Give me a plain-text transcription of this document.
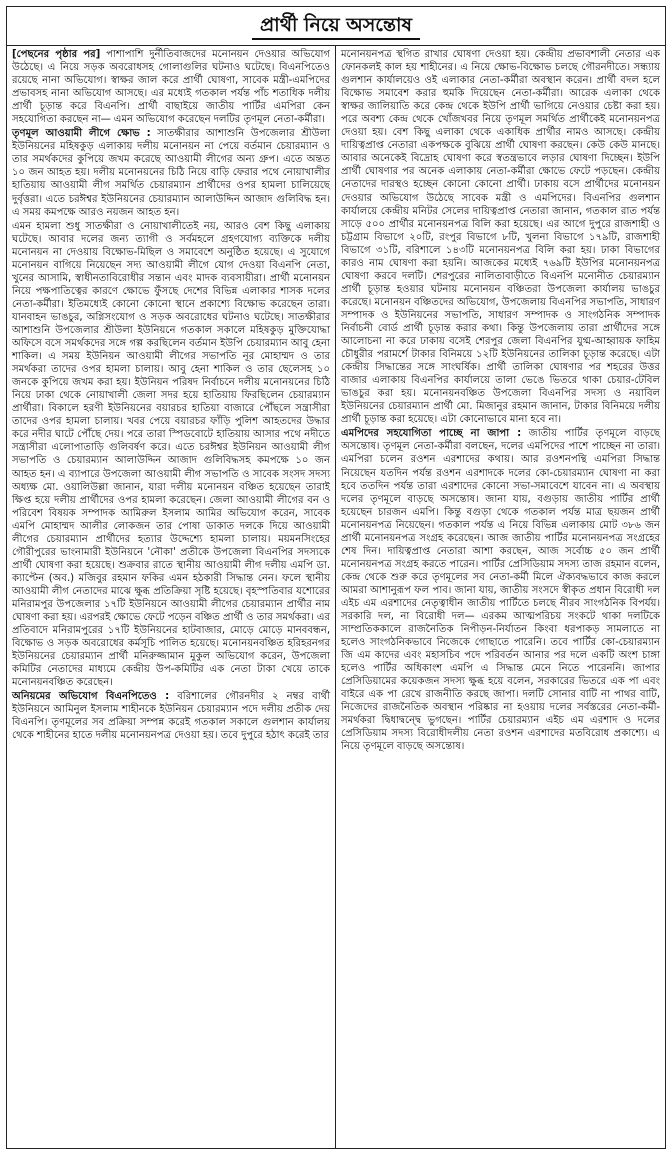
প্রার্থী নিয়ে অসন্তোষ

[পেছনের পৃষ্ঠার পর] পাশাপাশি দুর্নীতিবাজদের মনোনয়ন দেওয়ার অভিযোগ উঠেছে। এ নিয়ে সড়ক অবরোধসহ গোলাগুলির ঘটনাও ঘটেছে। বিএনপিতেও রয়েছে নানা অভিযোগ। স্বাক্ষর জাল করে প্রার্থী ঘোষণা, সাবেক মন্ত্রী-এমপিদের প্রভাবসহ নানা অভিযোগ আসছে। এর মধ্যেই গতকাল পর্যন্ত পাঁচ শতাধিক দলীয় প্রার্থী চূড়ান্ত করে বিএনপি। প্রার্থী বাছাইয়ে জাতীয় পার্টির এমপিরা কেন সহযোগিতা করছেন না— এমন অভিযোগ করেছেন দলটির তৃণমূল নেতা-কর্মীরা।

তৃণমূল আওয়ামী লীগে ক্ষোভ : সাতক্ষীরার আশাশুনি উপজেলার শ্রীউলা ইউনিয়নের মহিষকুড় এলাকায় দলীয় মনোনয়ন না পেয়ে বর্তমান চেয়ারম্যান ও তার সমর্থকদের কুপিয়ে জখম করেছে আওয়ামী লীগের অন্য গ্রুপ। এতে অন্তত ১০ জন আহত হয়। দলীয় মনোনয়নের চিঠি নিয়ে বাড়ি ফেরার পথে নোয়াখালীর হাতিয়ায় আওয়ামী লীগ সমর্থিত চেয়ারম্যান প্রার্থীদের ওপর হামলা চালিয়েছে দুর্বৃত্তরা। এতে চরঈশ্বর ইউনিয়নের চেয়ারম্যান আলাউদ্দিন আজাদ গুলিবিদ্ধ হন। এ সময় কমপক্ষে আরও নয়জন আহত হন।

এমন হামলা শুধু সাতক্ষীরা ও নোয়াখালীতেই নয়, আরও বেশ কিছু এলাকায় ঘটেছে। আবার দলের জন্য ত্যাগী ও সর্বমহলে গ্রহণযোগ্য ব্যক্তিকে দলীয় মনোনয়ন না দেওয়ায় বিক্ষোভ-মিছিল ও সমাবেশে অনুষ্ঠিত হয়েছে। এ সুযোগে মনোনয়ন বাগিয়ে নিয়েছেন সদ্য আওয়ামী লীগে যোগ দেওয়া বিএনপি নেতা, খুনের আসামি, স্বাধীনতাবিরোধীর সন্তান এবং মাদক ব্যবসায়ীরা। প্রার্থী মনোনয়ন নিয়ে পক্ষপাতিত্বের কারণে ক্ষোভে ফুঁসছে দেশের বিভিন্ন এলাকার শাসক দলের নেতা-কর্মীরা। ইতিমধ্যেই কোনো কোনো স্থানে প্রকাশ্যে বিক্ষোভ করেছেন তারা। যানবাহন ভাঙচুর, অগ্নিসংযোগ ও সড়ক অবরোধের ঘটনাও ঘটেছে। সাতক্ষীরার আশাশুনি উপজেলার শ্রীউলা ইউনিয়নে গতকাল সকালে মহিষকুড় মুক্তিযোদ্ধা অফিসে বসে সমর্থকদের সঙ্গে গল্প করছিলেন বর্তমান ইউপি চেয়ারম্যান আবু হেনা শাকিল। এ সময় ইউনিয়ন আওয়ামী লীগের সভাপতি নূর মোহাম্মদ ও তার সমর্থকরা তাদের ওপর হামলা চালায়। আবু হেনা শাকিল ও তার ছেলেসহ ১০ জনকে কুপিয়ে জখম করা হয়। ইউনিয়ন পরিষদ নির্বাচনে দলীয় মনোনয়নের চিঠি নিয়ে ঢাকা থেকে নোয়াখালী জেলা সদর হয়ে হাতিয়ায় ফিরছিলেন চেয়ারম্যান প্রার্থীরা। বিকালে হরণী ইউনিয়নের বয়ারচর হাতিয়া বাজারে পৌঁছলে সন্ত্রাসীরা তাদের ওপর হামলা চালায়। খবর পেয়ে বয়ারচর ফাঁড়ি পুলিশ আহতদের উদ্ধার করে নদীর ঘাটে পৌঁছে দেয়। পরে তারা স্পিডবোটে হাতিয়ায় আসার পথে নদীতে সন্ত্রাসীরা এলোপাতাড়ি গুলিবর্ষণ করে। এতে চরঈশ্বর ইউনিয়ন আওয়ামী লীগ সভাপতি ও চেয়ারম্যান আলাউদ্দিন আজাদ গুলিবিদ্ধসহ কমপক্ষে ১০ জন আহত হন। এ ব্যাপারে উপজেলা আওয়ামী লীগ সভাপতি ও সাবেক সংসদ সদস্য অধ্যক্ষ মো. ওয়ালিউল্লা জানান, যারা দলীয় মনোনয়ন বঞ্চিত হয়েছেন তারাই ক্ষিপ্ত হয়ে দলীয় প্রার্থীদের ওপর হামলা করেছেন। জেলা আওয়ামী লীগের বন ও পরিবেশ বিষয়ক সম্পাদক আমিরুল ইসলাম আমির অভিযোগ করেন, সাবেক এমপি মোহাম্মদ আলীর লোকজন তার পোষা ডাকাত দলকে দিয়ে আওয়ামী লীগের চেয়ারম্যান প্রার্থীদের হত্যার উদ্দেশ্যে হামলা চালায়। ময়মনসিংহের গৌরীপুরের ভাংনামারী ইউনিয়নে 'নৌকা' প্রতীকে উপজেলা বিএনপির সদস্যকে প্রার্থী ঘোষণা করা হয়েছে। শুক্রবার রাতে স্থানীয় আওয়ামী লীগ দলীয় এমপি ডা. ক্যাপ্টেন (অব.) মজিবুর রহমান ফকির এমন হঠকারী সিদ্ধান্ত নেন। ফলে স্থানীয় আওয়ামী লীগ নেতাদের মাঝে ক্ষুব্ধ প্রতিক্রিয়া সৃষ্টি হয়েছে। বৃহস্পতিবার যশোরের মনিরামপুর উপজেলার ১৭টি ইউনিয়নে আওয়ামী লীগের চেয়ারম্যান প্রার্থীর নাম ঘোষণা করা হয়। এরপরই ক্ষোভে ফেটে পড়েন বঞ্চিত প্রার্থী ও তার সমর্থকরা। এর প্রতিবাদে মনিরামপুরের ১৭টি ইউনিয়নের হাটবাজার, মোড়ে মোড়ে মানববন্ধন, বিক্ষোভ ও সড়ক অবরোধের কর্মসূচি পালিত হয়েছে। মনোনয়নবঞ্চিত হরিহরনগর ইউনিয়নের চেয়ারম্যান প্রার্থী মনিরুজ্জামান মুকুল অভিযোগ করেন, উপজেলা কমিটির নেতাদের মাধ্যমে কেন্দ্রীয় উপ-কমিটির এক নেতা টাকা খেয়ে তাকে মনোনয়নবঞ্চিত করেছেন।

অনিয়মের অভিযোগ বিএনপিতেও : বরিশালের গৌরনদীর ২ নম্বর বার্থী ইউনিয়নে আমিনুল ইসলাম শাহীনকে ইউনিয়ন চেয়ারম্যান পদে দলীয় প্রতীক দেয় বিএনপি। তৃণমূলের সব প্রক্রিয়া সম্পন্ন করেই গতকাল সকালে গুলশান কার্যালয় থেকে শাহীনের হাতে দলীয় মনোনয়নপত্র দেওয়া হয়। তবে দুপুরে হঠাৎ করেই তার

মনোনয়নপত্র স্থগিত রাখার ঘোষণা দেওয়া হয়। কেন্দ্রীয় প্রভাবশালী নেতার এক ফোনকলই কাল হয় শাহীনের। এ নিয়ে ক্ষোভ-বিক্ষোভ চলছে গৌরনদীতে। সন্ধ্যায় গুলশান কার্যালয়েও ওই এলাকার নেতা-কর্মীরা অবস্থান করেন। প্রার্থী বদল হলে বিক্ষোভ সমাবেশ করার হুমকি দিয়েছেন নেতা-কর্মীরা। আরেক এলাকা থেকে স্বাক্ষর জালিয়াতি করে কেন্দ্র থেকে ইউপি প্রার্থী ভাগিয়ে নেওয়ার চেষ্টা করা হয়। পরে অবশ্য কেন্দ্র থেকে খোঁজখবর নিয়ে তৃণমূল সমর্থিত প্রার্থীকেই মনোনয়নপত্র দেওয়া হয়। বেশ কিছু এলাকা থেকে একাধিক প্রার্থীর নামও আসছে। কেন্দ্রীয় দায়িত্বপ্রাপ্ত নেতারা একপক্ষকে বুঝিয়ে প্রার্থী ঘোষণা করছেন। কেউ কেউ মানছে। আবার অনেকেই বিদ্রোহ ঘোষণা করে স্বতন্ত্রভাবে লড়ার ঘোষণা দিচ্ছেন। ইউপি প্রার্থী ঘোষণার পর অনেক এলাকায় নেতা-কর্মীরা ক্ষোভে ফেটে পড়ছেন। কেন্দ্রীয় নেতাদের দারস্থও হচ্ছেন কোনো কোনো প্রার্থী। ঢাকায় বসে প্রার্থীদের মনোনয়ন দেওয়ার অভিযোগ উঠেছে সাবেক মন্ত্রী ও এমপিদের। বিএনপির গুলশান কার্যালয়ে কেন্দ্রীয় মনিটর সেলের দায়িত্বপ্রাপ্ত নেতারা জানান, গতকাল রাত পর্যন্ত সাড়ে ৫০০ প্রার্থীর মনোনয়নপত্র বিলি করা হয়েছে। এর আগে দুপুরে রাজশাহী ও চট্টগ্রাম বিভাগে ২০টি, রংপুর বিভাগে ৮টি, খুলনা বিভাগে ১৭৯টি, রাজশাহী বিভাগে ৩১টি, বরিশালে ১৪৩টি মনোনয়নপত্র বিলি করা হয়। ঢাকা বিভাগের কারও নাম ঘোষণা করা হয়নি। আজকের মধ্যেই ৭৬৯টি ইউপির মনোনয়নপত্র ঘোষণা করবে দলটি। শেরপুরের নালিতাবাড়ীতে বিএনপি মনোনীত চেয়ারম্যান প্রার্থী চূড়ান্ত হওয়ার ঘটনায় মনোনয়ন বঞ্চিতরা উপজেলা কার্যালয় ভাঙচুর করেছে। মনোনয়ন বঞ্চিতদের অভিযোগ, উপজেলায় বিএনপির সভাপতি, সাধারণ সম্পাদক ও ইউনিয়নের সভাপতি, সাধারণ সম্পাদক ও সাংগঠনিক সম্পাদক নির্বাচনী বোর্ড প্রার্থী চূড়ান্ত করার কথা। কিন্তু উপজেলায় তারা প্রার্থীদের সঙ্গে আলোচনা না করে ঢাকায় বসেই শেরপুর জেলা বিএনপির যুগ্ম-আহ্বায়ক ফাহিম চৌধুরীর পরামর্শে টাকার বিনিময়ে ১২টি ইউনিয়নের তালিকা চূড়ান্ত করেছে। এটা কেন্দ্রীয় সিদ্ধান্তের সঙ্গে সাংঘর্ষিক। প্রার্থী তালিকা ঘোষণার পর শহরের উত্তর বাজার এলাকায় বিএনপির কার্যালয়ে তালা ভেঙে ভিতরে থাকা চেয়ার-টেবিল ভাঙচুর করা হয়। মনোনয়নবঞ্চিত উপজেলা বিএনপির সদস্য ও নয়াবিল ইউনিয়নের চেয়ারম্যান প্রার্থী মো. মিজানুর রহমান জানান, টাকার বিনিময়ে দলীয় প্রার্থী চূড়ান্ত করা হয়েছে। এটা কোনোভাবে মানা হবে না।

এমপিদের সহযোগিতা পাচ্ছে না জাপা : জাতীয় পার্টির তৃণমূলে বাড়ছে অসন্তোষ। তৃণমূল নেতা-কর্মীরা বলছেন, দলের এমপিদের পাশে পাচ্ছেন না তারা। এমপিরা চলেন রওশন এরশাদের কথায়। আর রওশনপন্থি এমপিরা সিদ্ধান্ত নিয়েছেন যতদিন পর্যন্ত রওশন এরশাদকে দলের কো-চেয়ারম্যান ঘোষণা না করা হবে ততদিন পর্যন্ত তারা এরশাদের কোনো সভা-সমাবেশে যাবেন না। এ অবস্থায় দলের তৃণমূলে বাড়ছে অসন্তোষ। জানা যায়, বগুড়ায় জাতীয় পার্টির প্রার্থী হয়েছেন চারজন এমপি। কিন্তু বগুড়া থেকে গতকাল পর্যন্ত মাত্র ছয়জন প্রার্থী মনোনয়নপত্র নিয়েছেন। গতকাল পর্যন্ত এ নিয়ে বিভিন্ন এলাকায় মোট ৩৮৬ জন প্রার্থী মনোনয়নপত্র সংগ্রহ করেছেন। আজ জাতীয় পার্টির মনোনয়নপত্র সংগ্রহের শেষ দিন। দায়িত্বপ্রাপ্ত নেতারা আশা করছেন, আজ সর্বোচ্চ ৫০ জন প্রার্থী মনোনয়নপত্র সংগ্রহ করতে পারেন। পার্টির প্রেসিডিয়াম সদস্য তাজ রহমান বলেন, কেন্দ্র থেকে শুরু করে তৃণমূলের সব নেতা-কর্মী মিলে ঐক্যবদ্ধভাবে কাজ করলে আমরা আশানুরূপ ফল পাব। জানা যায়, জাতীয় সংসদে স্বীকৃত প্রধান বিরোধী দল এইচ এম এরশাদের নেতৃত্বাধীন জাতীয় পার্টিতে চলছে নীরব সাংগঠনিক বিপর্যয়। সরকারি দল, না বিরোধী দল— এরকম আত্মপরিচয় সংকটে থাকা দলটিকে সাম্প্রতিককালে রাজনৈতিক নিপীড়ন-নির্যাতন কিংবা ধরপাকড় সামলাতে না হলেও সাংগঠনিকভাবে নিজেকে গোছাতে পারেনি। তবে পার্টির কো-চেয়ারম্যান জি এম কাদের এবং মহাসচিব পদে পরিবর্তন আনার পর দলে একটি অংশ চাঙ্গা হলেও পার্টির অধিকাংশ এমপি এ সিদ্ধান্ত মেনে নিতে পারেননি। জাপার প্রেসিডিয়ামের কয়েকজন সদস্য ক্ষুব্ধ হয়ে বলেন, সরকারের ভিতরে এক পা এবং বাইরে এক পা রেখে রাজনীতি করছে জাপা। দলটি সোনার বাটি না পাথর বাটি, নিজেদের রাজনৈতিক অবস্থান পরিষ্কার না হওয়ায় দলের সর্বস্তরের নেতা-কর্মী-সমর্থকরা দ্বিধাদ্বন্দ্বে ভুগছেন। পার্টির চেয়ারম্যান এইচ এম এরশাদ ও দলের প্রেসিডিয়াম সদস্য বিরোধীদলীয় নেতা রওশন এরশাদের মতবিরোধ প্রকাশ্যে। এ নিয়ে তৃণমূলে বাড়ছে অসন্তোষ।
